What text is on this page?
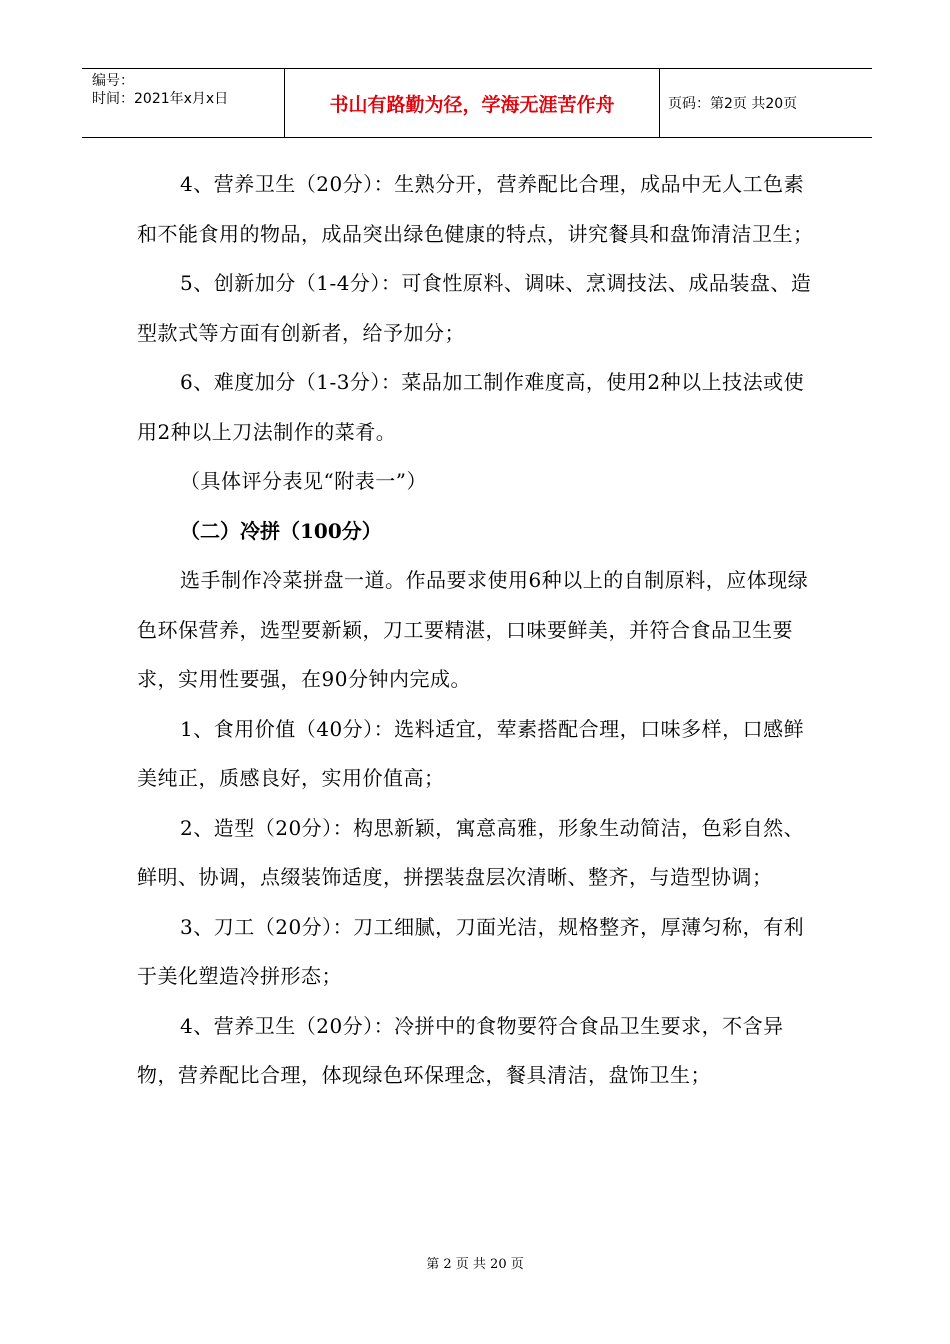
编号：
时间：2021年x月x日	书山有路勤为径，学海无涯苦作舟	页码：第2页 共20页

4、营养卫生（20分）：生熟分开，营养配比合理，成品中无人工色素和不能食用的物品，成品突出绿色健康的特点，讲究餐具和盘饰清洁卫生；

5、创新加分（1-4分）：可食性原料、调味、烹调技法、成品装盘、造型款式等方面有创新者，给予加分；

6、难度加分（1-3分）：菜品加工制作难度高，使用2种以上技法或使用2种以上刀法制作的菜肴。

（具体评分表见“附表一”）

（二）冷拼（100分）

选手制作冷菜拼盘一道。作品要求使用6种以上的自制原料，应体现绿色环保营养，选型要新颖，刀工要精湛，口味要鲜美，并符合食品卫生要求，实用性要强，在90分钟内完成。

1、食用价值（40分）：选料适宜，荤素搭配合理，口味多样，口感鲜美纯正，质感良好，实用价值高；

2、造型（20分）：构思新颖，寓意高雅，形象生动简洁，色彩自然、鲜明、协调，点缀装饰适度，拼摆装盘层次清晰、整齐，与造型协调；

3、刀工（20分）：刀工细腻，刀面光洁，规格整齐，厚薄匀称，有利于美化塑造冷拼形态；

4、营养卫生（20分）：冷拼中的食物要符合食品卫生要求，不含异物，营养配比合理，体现绿色环保理念，餐具清洁，盘饰卫生；

第 2 页 共 20 页
